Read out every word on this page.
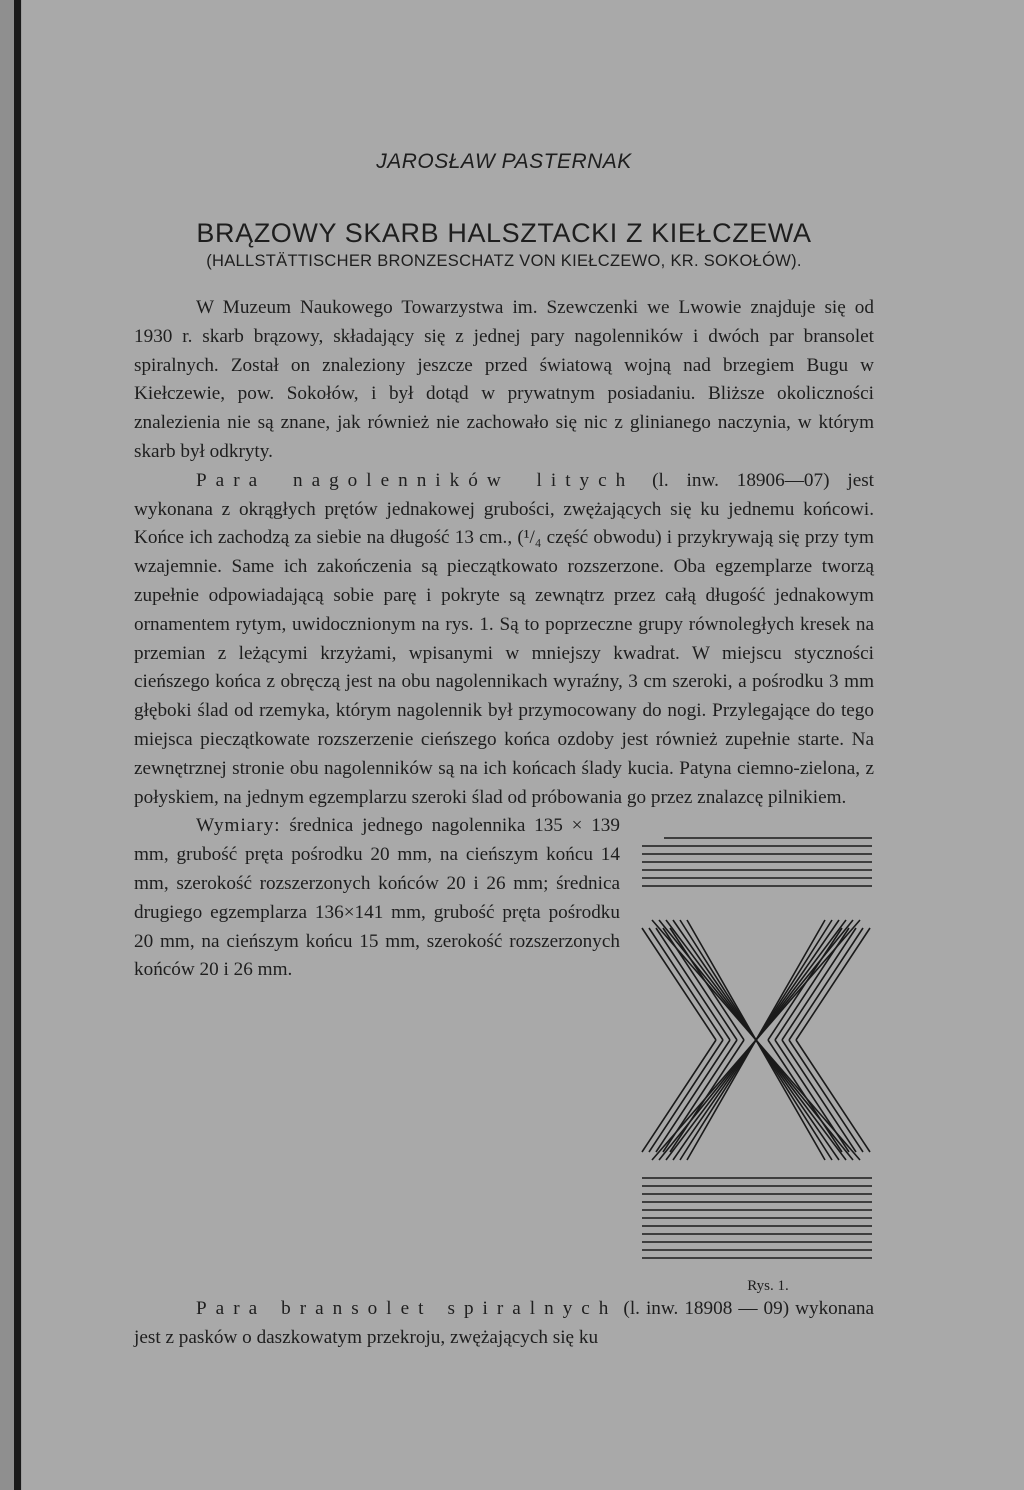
JAROSŁAW PASTERNAK
BRĄZOWY SKARB HALSZTACKI Z KIEŁCZEWA
(HALLSTÄTTISCHER BRONZESCHATZ VON KIEŁCZEWO, KR. SOKOŁÓW).

W Muzeum Naukowego Towarzystwa im. Szewczenki we Lwowie znajduje się od 1930 r. skarb brązowy, składający się z jednej pary nagolenników i dwóch par bransolet spiralnych. Został on znaleziony jeszcze przed światową wojną nad brzegiem Bugu w Kiełczewie, pow. Sokołów, i był dotąd w prywatnym posiadaniu. Bliższe okoliczności znalezienia nie są znane, jak również nie zachowało się nic z glinianego naczynia, w którym skarb był odkryty.

Para nagolenników litych (l. inw. 18906—07) jest wykonana z okrągłych prętów jednakowej grubości, zwężających się ku jednemu końcowi. Końce ich zachodzą za siebie na długość 13 cm., (¹/₄ część obwodu) i przykrywają się przy tym wzajemnie. Same ich zakończenia są pieczątkowato rozszerzone. Oba egzemplarze tworzą zupełnie odpowiadającą sobie parę i pokryte są zewnątrz przez całą długość jednakowym ornamentem rytym, uwidocznionym na rys. 1. Są to poprzeczne grupy równoległych kresek na przemian z leżącymi krzyżami, wpisanymi w mniejszy kwadrat. W miejscu styczności cieńszego końca z obręczą jest na obu nagolennikach wyraźny, 3 cm szeroki, a pośrodku 3 mm głęboki ślad od rzemyka, którym nagolennik był przymocowany do nogi. Przylegające do tego miejsca pieczątkowate rozszerzenie cieńszego końca ozdoby jest również zupełnie starte. Na zewnętrznej stronie obu nagolenników są na ich końcach ślady kucia. Patyna ciemno-zielona, z połyskiem, na jednym egzemplarzu szeroki ślad od próbowania go przez znalazcę pilnikiem.

Rys. 1.

Wymiary: średnica jednego nagolennika 135 × 139 mm, grubość pręta pośrodku 20 mm, na cieńszym końcu 14 mm, szerokość rozszerzonych końców 20 i 26 mm; średnica drugiego egzemplarza 136×141 mm, grubość pręta pośrodku 20 mm, na cieńszym końcu 15 mm, szerokość rozszerzonych końców 20 i 26 mm.

Para bransolet spiralnych (l. inw. 18908 — 09) wykonana jest z pasków o daszkowatym przekroju, zwężających się ku
